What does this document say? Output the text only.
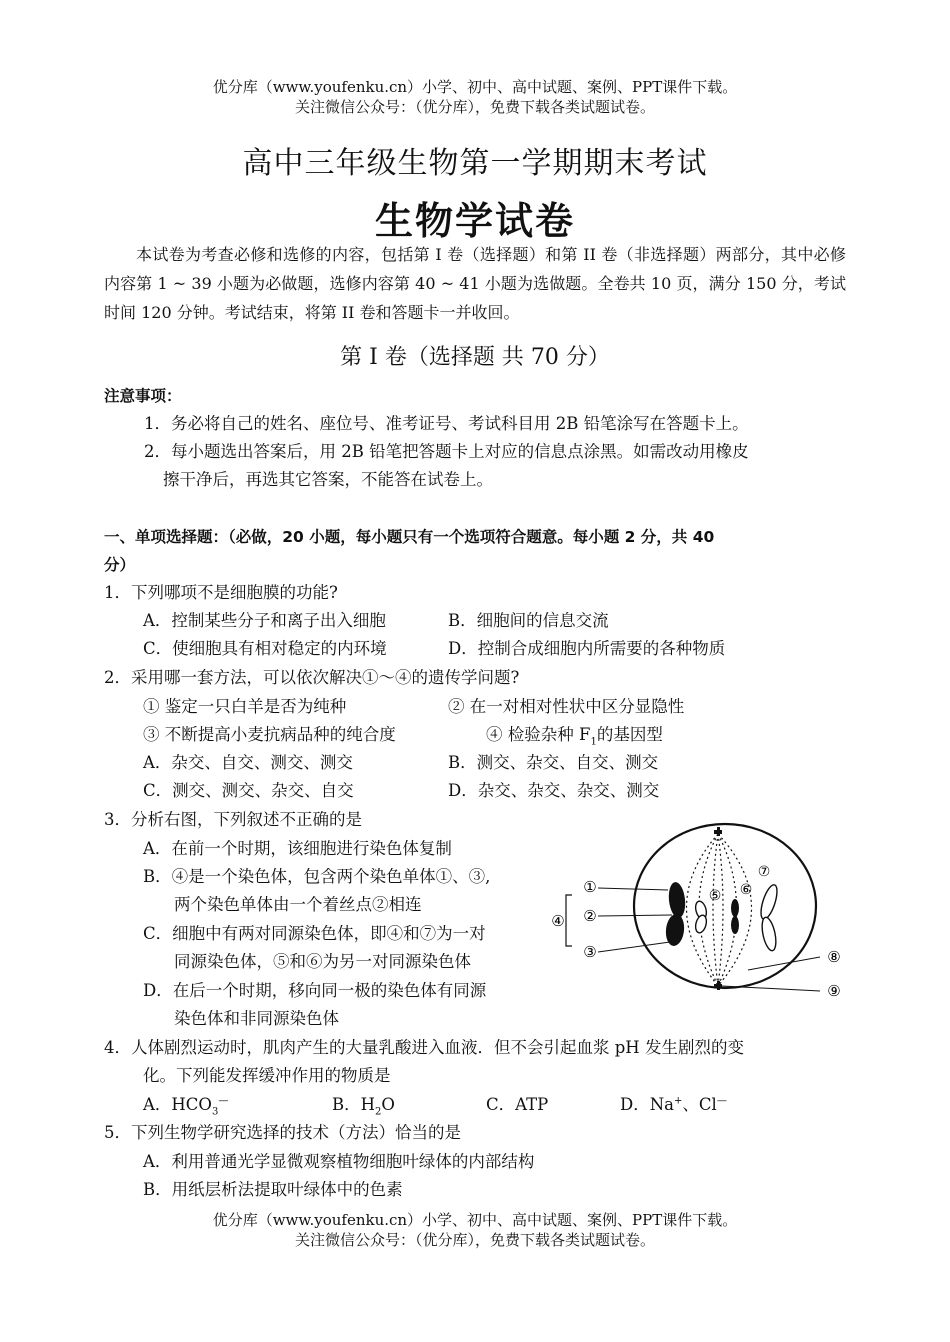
优分库（www.youfenku.cn）小学、初中、高中试题、案例、PPT课件下载。
关注微信公众号：（优分库），免费下载各类试题试卷。
高中三年级生物第一学期期末考试
生物学试卷
本试卷为考查必修和选修的内容，包括第 I 卷（选择题）和第 II 卷（非选择题）两部分，其中必修内容第 1 ~ 39 小题为必做题，选修内容第 40 ~ 41 小题为选做题。全卷共 10 页，满分 150 分，考试时间 120 分钟。考试结束，将第 II 卷和答题卡一并收回。
第 I 卷（选择题 共 70 分）
注意事项：
1．务必将自己的姓名、座位号、准考证号、考试科目用 2B 铅笔涂写在答题卡上。
2．每小题选出答案后，用 2B 铅笔把答题卡上对应的信息点涂黑。如需改动用橡皮
擦干净后，再选其它答案，不能答在试卷上。
一、单项选择题：（必做，20 小题，每小题只有一个选项符合题意。每小题 2 分，共 40
分）
1．下列哪项不是细胞膜的功能?
A．控制某些分子和离子出入细胞	B．细胞间的信息交流
C．使细胞具有相对稳定的内环境	D．控制合成细胞内所需要的各种物质
2．采用哪一套方法，可以依次解决①～④的遗传学问题?
① 鉴定一只白羊是否为纯种	② 在一对相对性状中区分显隐性
③ 不断提高小麦抗病品种的纯合度	④ 检验杂种 $F_1$的基因型
A．杂交、自交、测交、测交	B．测交、杂交、自交、测交
C．测交、测交、杂交、自交	D．杂交、杂交、杂交、测交
3．分析右图，下列叙述不正确的是
A．在前一个时期，该细胞进行染色体复制
B．④是一个染色体，包含两个染色单体①、③,
两个染色单体由一个着丝点②相连
C．细胞中有两对同源染色体，即④和⑦为一对
同源染色体，⑤和⑥为另一对同源染色体
D．在后一个时期，移向同一极的染色体有同源
染色体和非同源染色体
①
②
③
④
⑤ ⑥
⑦
⑧
⑨
4．人体剧烈运动时，肌肉产生的大量乳酸进入血液．但不会引起血浆 pH 发生剧烈的变
化。下列能发挥缓冲作用的物质是
A．$HCO_3^—$	B．$H_2O$	C．ATP	D．Na+、Cl—
5．下列生物学研究选择的技术（方法）恰当的是
A．利用普通光学显微观察植物细胞叶绿体的内部结构
B．用纸层析法提取叶绿体中的色素
优分库（www.youfenku.cn）小学、初中、高中试题、案例、PPT课件下载。
关注微信公众号：（优分库），免费下载各类试题试卷。
